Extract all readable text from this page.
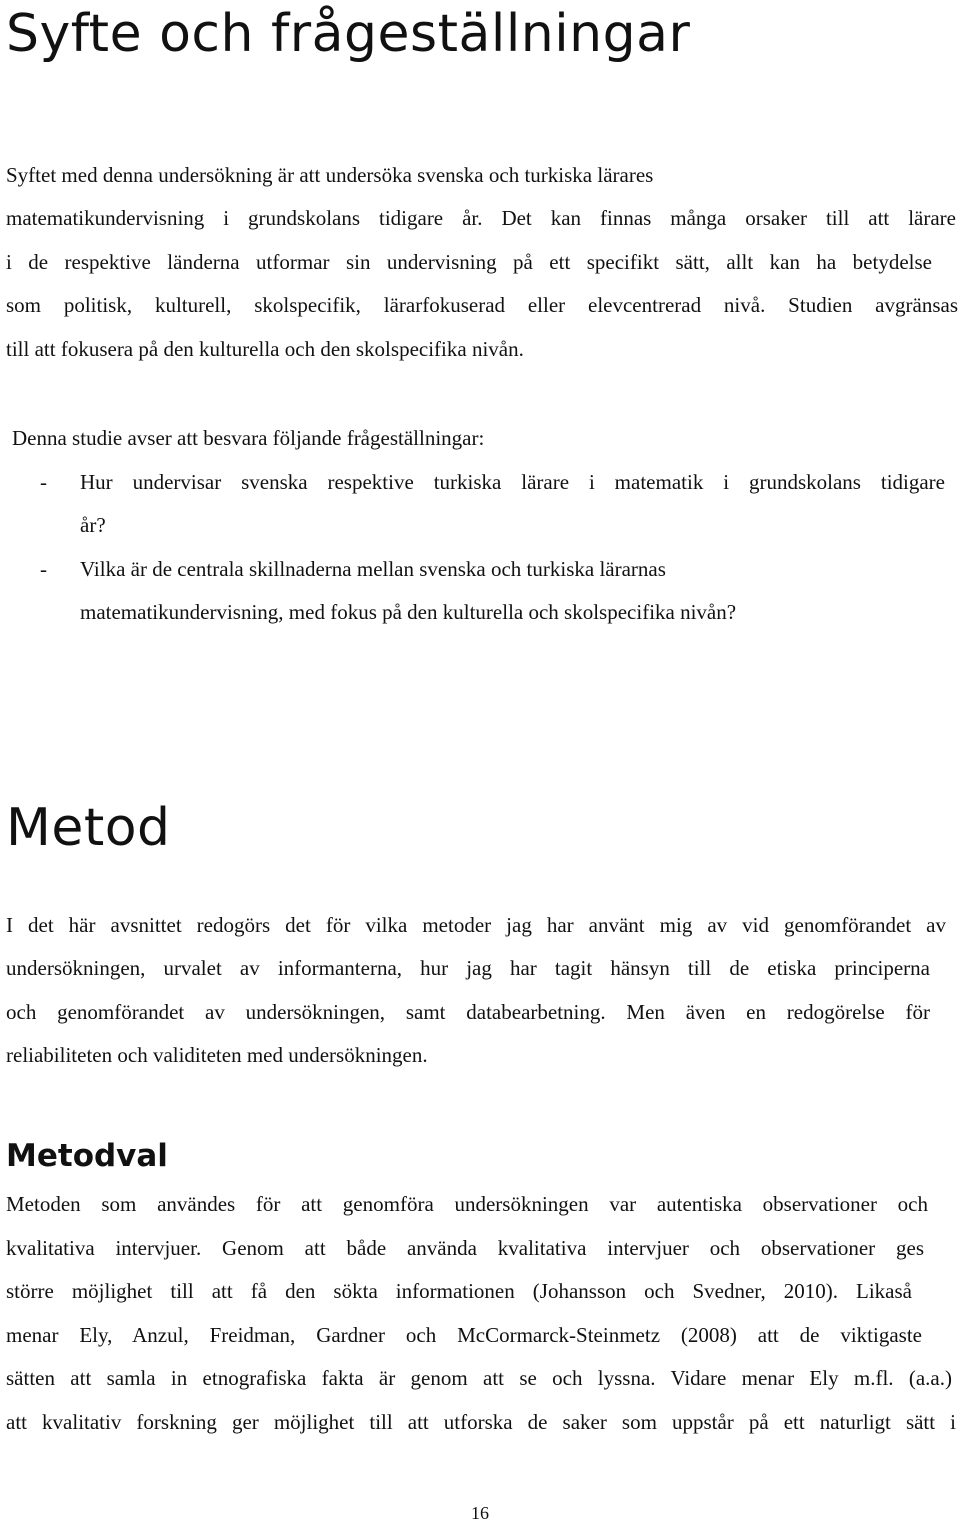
Syfte och frågeställningar

Syftet med denna undersökning är att undersöka svenska och turkiska lärares

matematikundervisning i grundskolans tidigare år. Det kan finnas många orsaker till att lärare

i de respektive länderna utformar sin undervisning på ett specifikt sätt, allt kan ha betydelse

som politisk, kulturell, skolspecifik, lärarfokuserad eller elevcentrerad nivå. Studien avgränsas

till att fokusera på den kulturella och den skolspecifika nivån.

Denna studie avser att besvara följande frågeställningar:

- Hur undervisar svenska respektive turkiska lärare i matematik i grundskolans tidigare

år?

- Vilka är de centrala skillnaderna mellan svenska och turkiska lärarnas

matematikundervisning, med fokus på den kulturella och skolspecifika nivån?

Metod

I det här avsnittet redogörs det för vilka metoder jag har använt mig av vid genomförandet av

undersökningen, urvalet av informanterna, hur jag har tagit hänsyn till de etiska principerna

och genomförandet av undersökningen, samt databearbetning. Men även en redogörelse för

reliabiliteten och validiteten med undersökningen.

Metodval

Metoden som användes för att genomföra undersökningen var autentiska observationer och

kvalitativa intervjuer. Genom att både använda kvalitativa intervjuer och observationer ges

större möjlighet till att få den sökta informationen (Johansson och Svedner, 2010). Likaså

menar Ely, Anzul, Freidman, Gardner och McCormarck-Steinmetz (2008) att de viktigaste

sätten att samla in etnografiska fakta är genom att se och lyssna. Vidare menar Ely m.fl. (a.a.)

att kvalitativ forskning ger möjlighet till att utforska de saker som uppstår på ett naturligt sätt i

16
